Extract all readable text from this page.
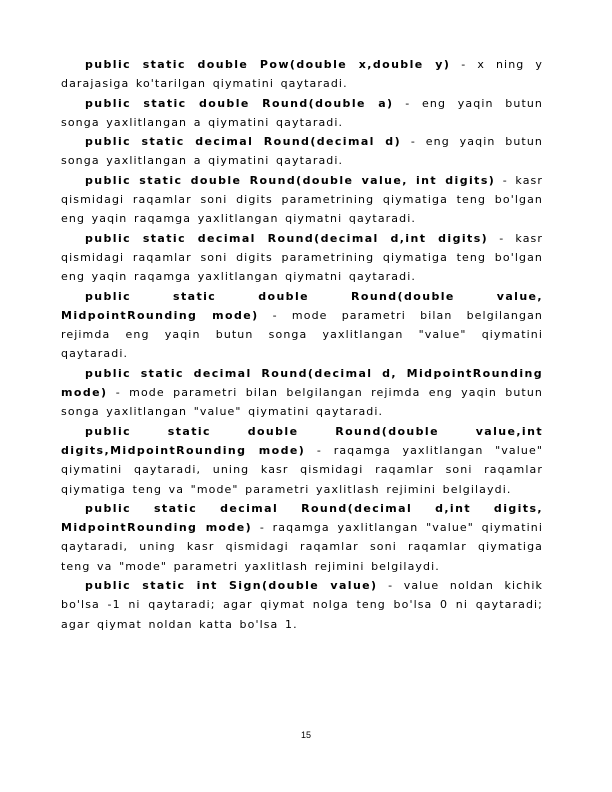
public static double Pow(double x,double y) - x ning y darajasiga ko'tarilgan qiymatini qaytaradi.

public static double Round(double a) - eng yaqin butun songa yaxlitlangan a qiymatini qaytaradi.

public static decimal Round(decimal d) - eng yaqin butun songa yaxlitlangan a qiymatini qaytaradi.

public static double Round(double value, int digits) - kasr qismidagi raqamlar soni digits parametrining qiymatiga teng bo'lgan eng yaqin raqamga yaxlitlangan qiymatni qaytaradi.

public static decimal Round(decimal d,int digits) - kasr qismidagi raqamlar soni digits parametrining qiymatiga teng bo'lgan eng yaqin raqamga yaxlitlangan qiymatni qaytaradi.

public static double Round(double value, MidpointRounding mode) - mode parametri bilan belgilangan rejimda eng yaqin butun songa yaxlitlangan "value" qiymatini qaytaradi.

public static decimal Round(decimal d, MidpointRounding mode) - mode parametri bilan belgilangan rejimda eng yaqin butun songa yaxlitlangan "value" qiymatini qaytaradi.

public static double Round(double value,int digits,MidpointRounding mode) - raqamga yaxlitlangan "value" qiymatini qaytaradi, uning kasr qismidagi raqamlar soni raqamlar qiymatiga teng va "mode" parametri yaxlitlash rejimini belgilaydi.

public static decimal Round(decimal d,int digits, MidpointRounding mode) - raqamga yaxlitlangan "value" qiymatini qaytaradi, uning kasr qismidagi raqamlar soni raqamlar qiymatiga teng va "mode" parametri yaxlitlash rejimini belgilaydi.

public static int Sign(double value) - value noldan kichik bo'lsa -1 ni qaytaradi; agar qiymat nolga teng bo'lsa 0 ni qaytaradi; agar qiymat noldan katta bo'lsa 1.

15
